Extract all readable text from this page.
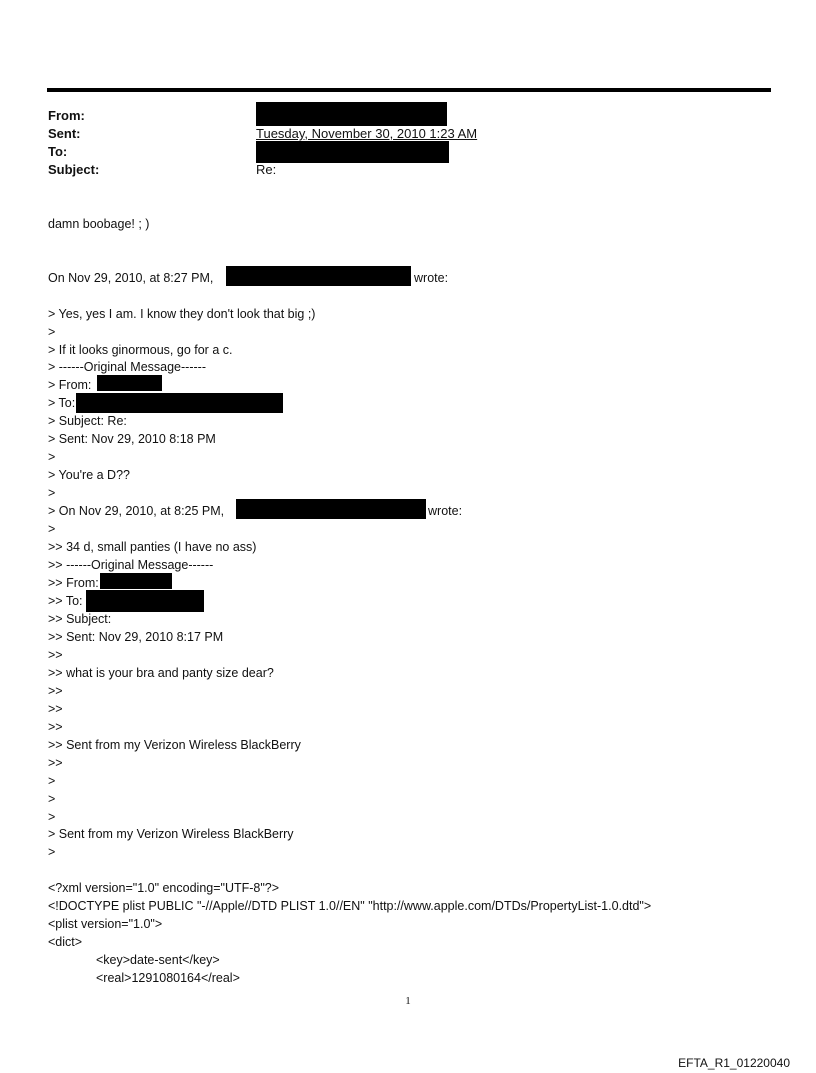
From:
Sent:	Tuesday, November 30, 2010 1:23 AM
To:
Subject:	Re:
damn boobage! ; )
On Nov 29, 2010, at 8:27 PM,	wrote:
> Yes, yes I am. I know they don't look that big ;)
>
> If it looks ginormous, go for a c.
> ------Original Message------
> From:
> To:
> Subject: Re:
> Sent: Nov 29, 2010 8:18 PM
>
> You're a D??
>
> On Nov 29, 2010, at 8:25 PM,	wrote:
>
>> 34 d, small panties (I have no ass)
>> ------Original Message------
>> From:
>> To:
>> Subject:
>> Sent: Nov 29, 2010 8:17 PM
>>
>> what is your bra and panty size dear?
>>
>>
>>
>> Sent from my Verizon Wireless BlackBerry
>>
>
>
>
> Sent from my Verizon Wireless BlackBerry
>
<?xml version="1.0" encoding="UTF-8"?>
<!DOCTYPE plist PUBLIC "-//Apple//DTD PLIST 1.0//EN" "http://www.apple.com/DTDs/PropertyList-1.0.dtd">
<plist version="1.0">
<dict>
<key>date-sent</key>
<real>1291080164</real>
1
EFTA_R1_01220040
